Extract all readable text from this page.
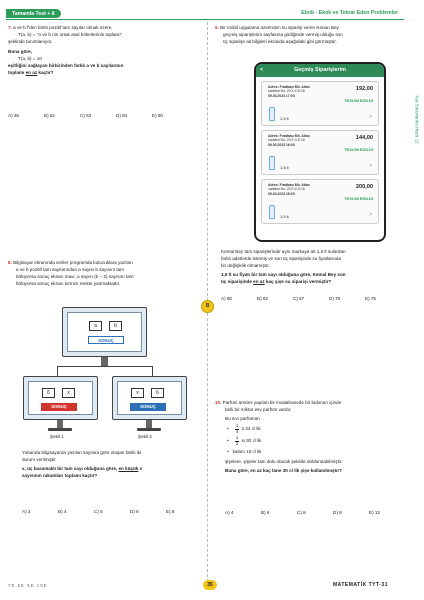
Tamamla Test + 6	Ebob - Ekok ve Tekrar Eden Problemler
Kar Sınavlarına Hazır 12
B
7. a ve b f'den farklı pozitif tam sayılar olmak üzere,
T(a, b) = "a ve b nin ortak asal bölenlerinin toplamı"
şeklinde tanımlanıyor.
Buna göre,
T(a, b) = 10
eşitliğini sağlayan birbirinden farklı a ve b sayılarının
toplamı en az kaçtır?
A) 36	B) 52	C) 63	D) 84	E) 90
8. Bilgisayar ekranında veriler programda kutucuklara yazılan
a ve b pozitif tam sayılarından a sayısı b sayısını tam
bölüyorsa sonuç ekranı mavi, a sayısı (b − 2) sayısını tam
bölüyorsa sonuç ekranı kırmızı renkte yanmaktadır.
a	b
SONUÇ
6	x
SONUÇ
Şekil 1
x	6
SONUÇ
Şekil 2
Yukarıda bilgisayarda yazılan sayılara göre oluşan farklı iki
durum verilmiştir.
x, üç basamaklı bir tam sayı olduğuna göre, en küçük x
sayısının rakamları toplamı kaçtır?
A) 3	B) 4	C) 5	D) 6	E) 8
9. Bir mobil uygulama üzerinden su siparişi veren Kenan Bey
geçmiş siparişlerim sayfasına girdiğinde vermiş olduğu son
üç siparişe ait bilgileri ekranda aşağıdaki gibi görmüştür.
<	Geçmiş Siparişlerim
Adres: Fıratbaşı Mh. Atlas
caddesi No: 20 K:4 D:16
09.03.2023 17:00
192,00
TESLİM EDİLDİ
1,5 lt	>
Adres: Fıratbaşı Mh. Atlas
caddesi No: 20 K:4 D:16
09.03.2023 16:00
144,00
TESLİM EDİLDİ
1,5 lt	>
Adres: Fıratbaşı Mh. Atlas
caddesi No: 20 K:4 D:16
09.03.2023 18:00
200,00
TESLİM EDİLDİ
1,5 lt	>
Kemal Bey tüm siparişlerinde aynı markaya ait 1,5 lt sulardan
farklı adetlerde istemiş ve son üç siparişinde su fiyatlarında
bir değişiklik olmamıştır.
1,5 lt su fiyatı bir tam sayı olduğuna göre, Kemal Bey son
üç siparişinde en az kaç şişe su siparişi vermiştir?
A) 60	B) 62	C) 67	D) 70	E) 75
10. Parfüm üretimi yapılan bir imalathanede bir bidonun içinde
belli bir miktar esv parfüm vardır.
Bu sıvı parfümün

• $\frac{1}{4}$ ü 24 cl lik

• $\frac{1}{2}$ si 30 cl lik
• kalanı 15 cl lik
şişelere, şişeler tam dolu olacak şekilde doldurulabilmiştir.
Buna göre, en az kaç tane 30 cl lik şişe kullanılmıştır?
A) 4	B) 6	C) 8	D) 9	E) 12
7E 6E 5E 10E	35	MATEMATİK TYT-31
